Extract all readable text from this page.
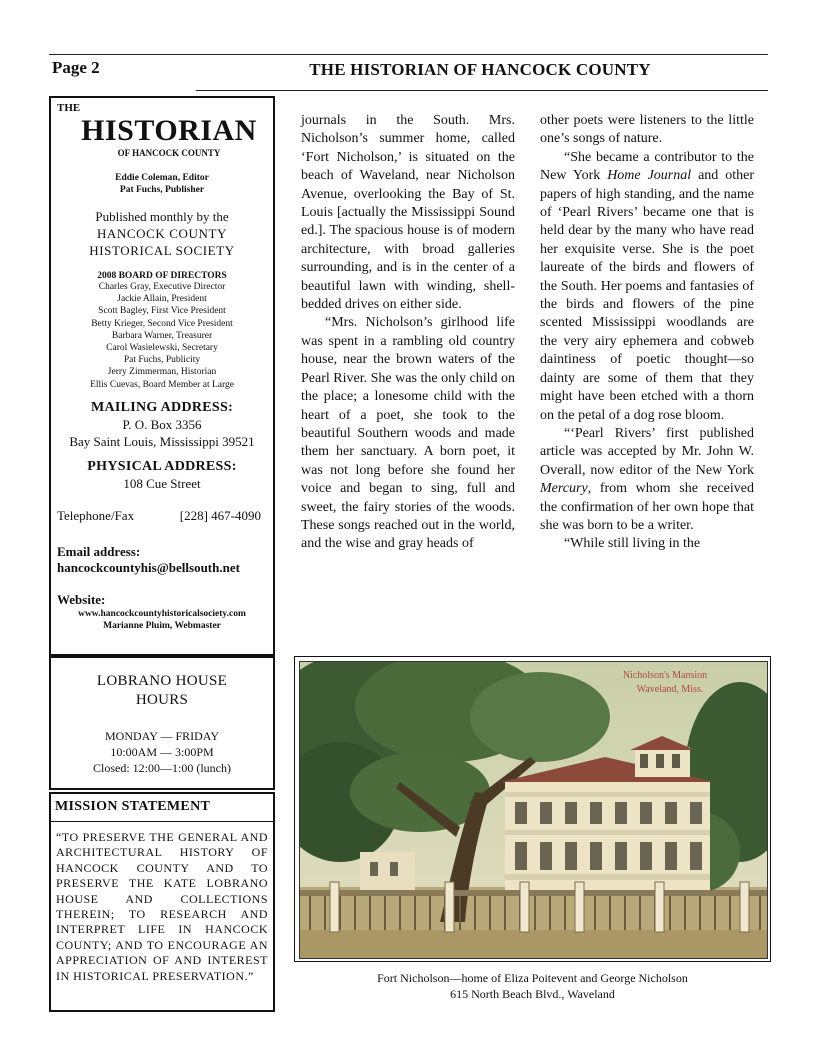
Page 2	THE HISTORIAN OF HANCOCK COUNTY
THE
HISTORIAN
OF HANCOCK COUNTY
Eddie Coleman, Editor
Pat Fuchs, Publisher
Published monthly by the
HANCOCK COUNTY
HISTORICAL SOCIETY
2008 BOARD OF DIRECTORS
Charles Gray, Executive Director
Jackie Allain, President
Scott Bagley, First Vice President
Betty Krieger, Second Vice President
Barbara Warner, Treasurer
Carol Wasielewski, Secretary
Pat Fuchs, Publicity
Jerry Zimmerman, Historian
Ellis Cuevas, Board Member at Large
MAILING ADDRESS:
P. O. Box 3356
Bay Saint Louis, Mississippi 39521
PHYSICAL ADDRESS:
108 Cue Street
Telephone/Fax	[228] 467-4090
Email address:
hancockcountyhis@bellsouth.net
Website:
www.hancockcountyhistoricalsociety.com
Marianne Pluim, Webmaster
LOBRANO HOUSE
HOURS
MONDAY — FRIDAY
10:00AM — 3:00PM
Closed: 12:00—1:00 (lunch)
MISSION STATEMENT
“TO PRESERVE THE GENERAL AND ARCHITECTURAL HISTORY OF HANCOCK COUNTY AND TO PRESERVE THE KATE LOBRANO HOUSE AND COLLECTIONS THEREIN; TO RESEARCH AND INTERPRET LIFE IN HANCOCK COUNTY; AND TO ENCOURAGE AN APPRECIATION OF AND INTEREST IN HISTORICAL PRESERVATION.”

journals in the South. Mrs. Nicholson’s summer home, called ‘Fort Nicholson,’ is situated on the beach of Waveland, near Nicholson Avenue, overlooking the Bay of St. Louis [actually the Mississippi Sound ed.]. The spacious house is of modern architecture, with broad galleries surrounding, and is in the center of a beautiful lawn with winding, shell-bedded drives on either side.

“Mrs. Nicholson’s girlhood life was spent in a rambling old country house, near the brown waters of the Pearl River. She was the only child on the place; a lonesome child with the heart of a poet, she took to the beautiful Southern woods and made them her sanctuary. A born poet, it was not long before she found her voice and began to sing, full and sweet, the fairy stories of the woods. These songs reached out in the world, and the wise and gray heads of

other poets were listeners to the little one’s songs of nature.

“She became a contributor to the New York Home Journal and other papers of high standing, and the name of ‘Pearl Rivers’ became one that is held dear by the many who have read her exquisite verse. She is the poet laureate of the birds and flowers of the South. Her poems and fantasies of the birds and flowers of the pine scented Mississippi woodlands are the very airy ephemera and cobweb daintiness of poetic thought—so dainty are some of them that they might have been etched with a thorn on the petal of a dog rose bloom.

“‘Pearl Rivers’ first published article was accepted by Mr. John W. Overall, now editor of the New York Mercury, from whom she received the confirmation of her own hope that she was born to be a writer.

“While still living in the

Nicholson's Mansion
Waveland, Miss.
Fort Nicholson—home of Eliza Poitevent and George Nicholson
615 North Beach Blvd., Waveland
